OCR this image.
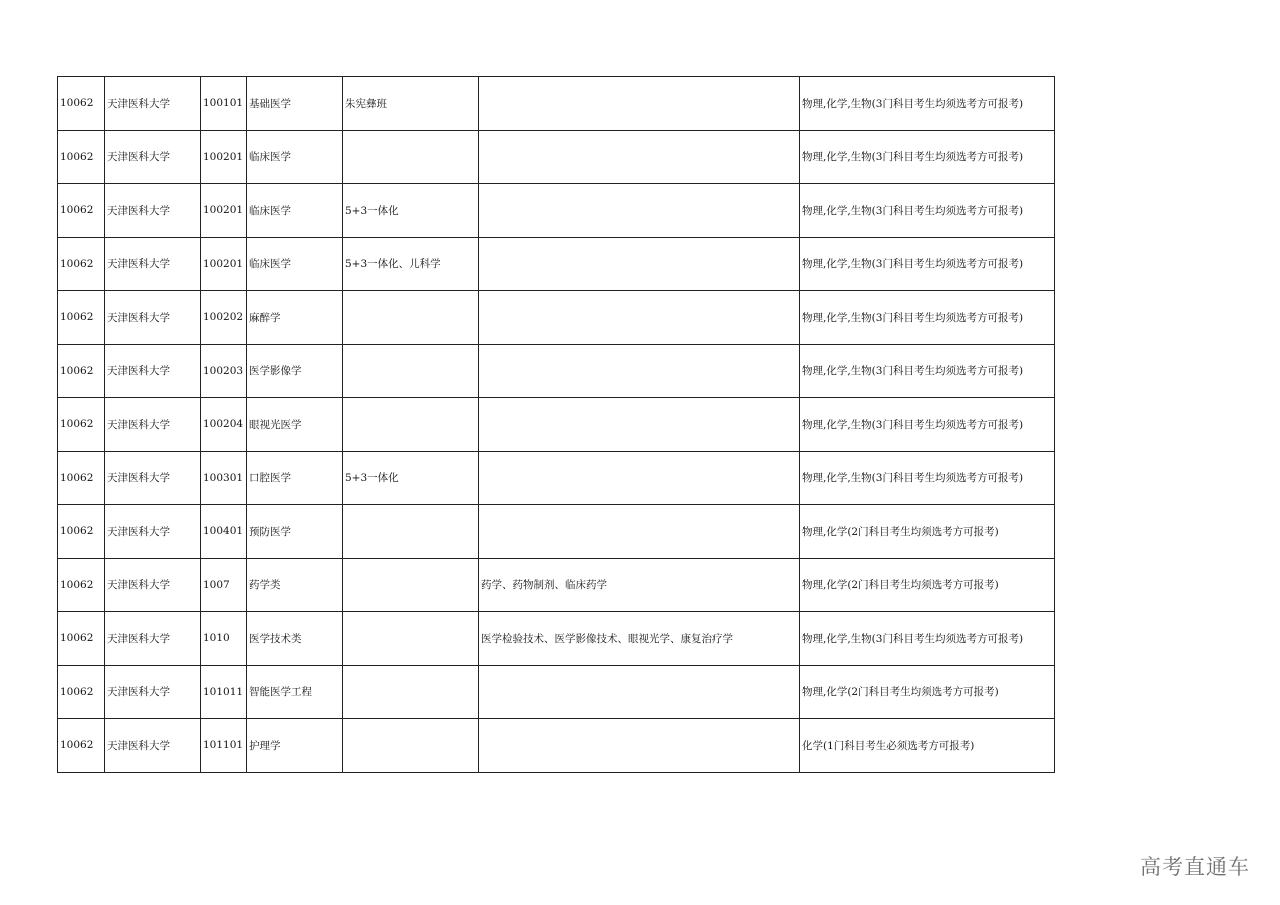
10062	天津医科大学	100101	基础医学	朱宪彝班		物理,化学,生物(3门科目考生均须选考方可报考)
10062	天津医科大学	100201	临床医学			物理,化学,生物(3门科目考生均须选考方可报考)
10062	天津医科大学	100201	临床医学	5+3一体化		物理,化学,生物(3门科目考生均须选考方可报考)
10062	天津医科大学	100201	临床医学	5+3一体化、儿科学		物理,化学,生物(3门科目考生均须选考方可报考)
10062	天津医科大学	100202	麻醉学			物理,化学,生物(3门科目考生均须选考方可报考)
10062	天津医科大学	100203	医学影像学			物理,化学,生物(3门科目考生均须选考方可报考)
10062	天津医科大学	100204	眼视光医学			物理,化学,生物(3门科目考生均须选考方可报考)
10062	天津医科大学	100301	口腔医学	5+3一体化		物理,化学,生物(3门科目考生均须选考方可报考)
10062	天津医科大学	100401	预防医学			物理,化学(2门科目考生均须选考方可报考)
10062	天津医科大学	1007	药学类		药学、药物制剂、临床药学	物理,化学(2门科目考生均须选考方可报考)
10062	天津医科大学	1010	医学技术类		医学检验技术、医学影像技术、眼视光学、康复治疗学	物理,化学,生物(3门科目考生均须选考方可报考)
10062	天津医科大学	101011	智能医学工程			物理,化学(2门科目考生均须选考方可报考)
10062	天津医科大学	101101	护理学			化学(1门科目考生必须选考方可报考)
高考直通车
